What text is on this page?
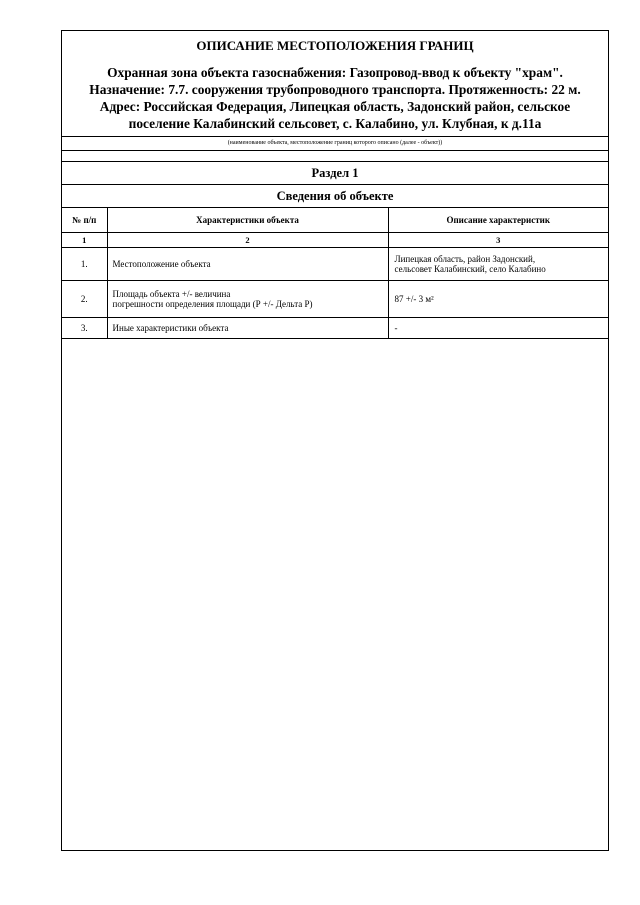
ОПИСАНИЕ МЕСТОПОЛОЖЕНИЯ ГРАНИЦ
Охранная зона объекта газоснабжения: Газопровод-ввод к объекту "храм".
Назначение: 7.7. сооружения трубопроводного транспорта. Протяженность: 22 м.
Адрес: Российская Федерация, Липецкая область, Задонский район, сельское
поселение Калабинский сельсовет, с. Калабино, ул. Клубная, к д.11а
(наименование объекта, местоположение границ которого описано (далее - объект))
Раздел 1
Сведения об объекте
№ п/п	Характеристики объекта	Описание характеристик
1	2	3
1.	Местоположение объекта	Липецкая область, район Задонский,
сельсовет Калабинский, село Калабино

2.	Площадь объекта +/- величина
погрешности определения площади (Р +/- Дельта Р)	87 +/- 3 м²

3.	Иные характеристики объекта	-
